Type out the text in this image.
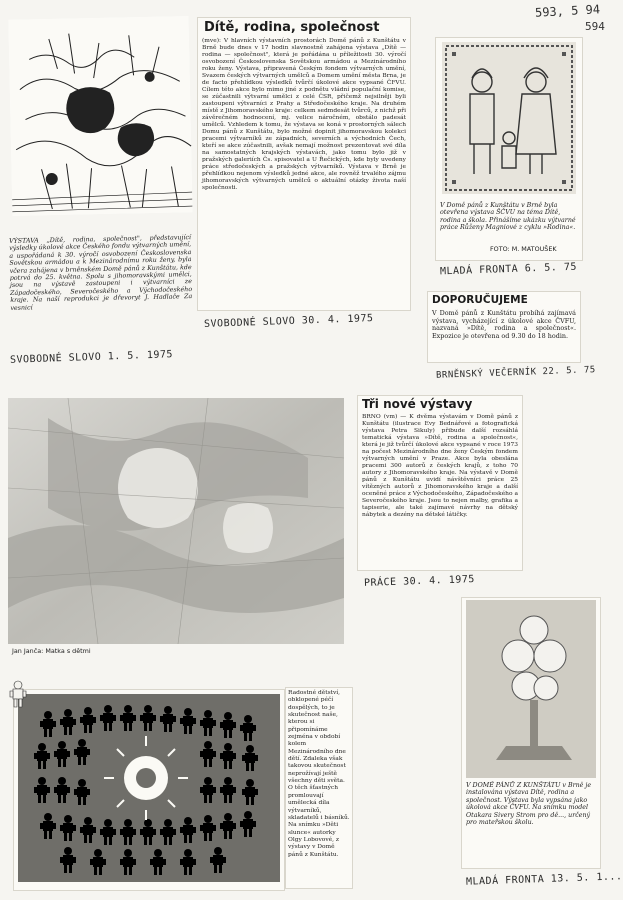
593, 5 94
594
VÝSTAVA „Dítě, rodina, společnost", představující výsledky úkolové akce Českého fondu výtvarných umění, a uspořádaná k 30. výročí osvobození Československa Sovětskou armádou a k Mezinárodnímu roku ženy, byla včera zahájena v brněnském Domě pánů z Kunštátu, kde potrvá do 25. května. Spolu s jihomoravskými umělci, jsou na výstavě zastoupeni i výtvarníci ze Západočeského, Severočeského a Východočeského kraje. Na naší reprodukci je dřevoryt J. Hadlače Za vesnicí
SVOBODNÉ SLOVO 1. 5. 1975
Dítě, rodina, společnost
(mve): V hlavních výstavních prostorách Domě pánů z Kunštátu v Brně bude dnes v 17 hodin slavnostně zahájena výstava „Dítě — rodina — společnost", která je pořádána u příležitosti 30. výročí osvobození Československa Sovětskou armádou a Mezinárodního roku ženy. Výstava, připravená Českým fondem výtvarných umění, Svazem českých výtvarných umělců a Domem umění města Brna, je de facto přehlídkou výsledků tvůrčí úkolové akce vypsané ČFVU. Cílem této akce bylo mimo jiné z podnětu vládní populační komise, se zúčastnili výtvarní umělci z celé ČSR, přičemž nejsilněji byli zastoupeni výtvarníci z Prahy a Středočeského kraje. Na druhém místě z Jihomoravského kraje: celkem sedmdesát tvůrců, z nichž při závěrečném hodnocení, mj. velice náročném, obstálo padesát umělců. Vzhledem k tomu, že výstava se koná v prostorných sálech Domu pánů z Kunštátu, bylo možné dopinit jihomoravskou kolekci pracemi výtvarníků ze západních, severních a východních Čech, kteří se akce zúčastnili, avšak nemají možnost prezentovat své díla na samostatných krajských výstavách, jako tomu bylo již v pražských galeriích Čs. spisovatel a U Řečických, kde byly uvedeny práce středočeských a pražských výtvarníků. Výstava v Brně je přehlídkou nejenom výsledků jedné akce, ale rovněž trvalého zájmu jihomoravských výtvarných umělců o aktuální otázky života naší společnosti.
SVOBODNÉ SLOVO 30. 4. 1975
V Domě pánů z Kunštátu v Brně byla otevřena výstava ŠČVU na téma Dítě, rodina a škola. Přinášíme ukázku výtvarné práce Růženy Magniové z cyklu »Rodina«.
FOTO: M. MATOUŠEK
MLADÁ FRONTA 6. 5. 75
DOPORUČUJEME
V Domě pánů z Kunštátu probíhá zajímavá výstava, vycházející z úkolové akce ČVFU, nazvaná »Dítě, rodina a společnost«. Expozice je otevřena od 9.30 do 18 hodin.
BRNĚNSKÝ VEČERNÍK 22. 5. 75
Jan Janča: Matka s dětmi
Tři nové výstavy
BRNO (vm) — K dvěma výstavám v Domě pánů z Kunštátu (ilustrace Evy Bednářové a fotografická výstava Petra Sikuly) přibude další rozsáhlá tematická výstava »Dítě, rodina a společnost«, která je již tvůrčí úkolové akce vypsané v roce 1973 na počest Mezinárodního dne ženy Českým fondem výtvarných umění v Praze. Akce byla obeslána pracemi 300 autorů z českých krajů, z toho 70 autory z Jihomoravského kraje. Na výstavě v Domě pánů z Kunštátu uvidí návštěvníci práce 25 vítězných autorů z Jihomoravského kraje a další oceněné práce z Východočeského, Západočeského a Severočeského kraje. Jsou to nejen malby, grafika a tapiserie, ale také zajímavé návrhy na dětský nábytek a dezény na dětské látičky.
PRÁCE 30. 4. 1975
V DOMĚ PÁNŮ Z KUNŠTÁTU v Brně je instalována výstava Dítě, rodina a společnost. Výstava byla vypsána jako úkolová akce ČVFU. Na snímku model Otakara Sivery Strom pro dě..., určený pro mateřskou školu.
MLADÁ FRONTA 13. 5. 1...
Radostné dětství, obklopené péčí dospělých, to je skutečnost naše, kterou si připomínáme zejména v období kolem Mezinárodního dne dětí. Zdaleka však takovou skutečnost neprožívají ještě všechny děti světa. O těch šťastných promlouvají umělecká díla výtvarníků, skladatelů i básníků. Na snímku »Děti slunce« autorky Olgy Lobovové, z výstavy v Domě pánů z Kunštátu.
